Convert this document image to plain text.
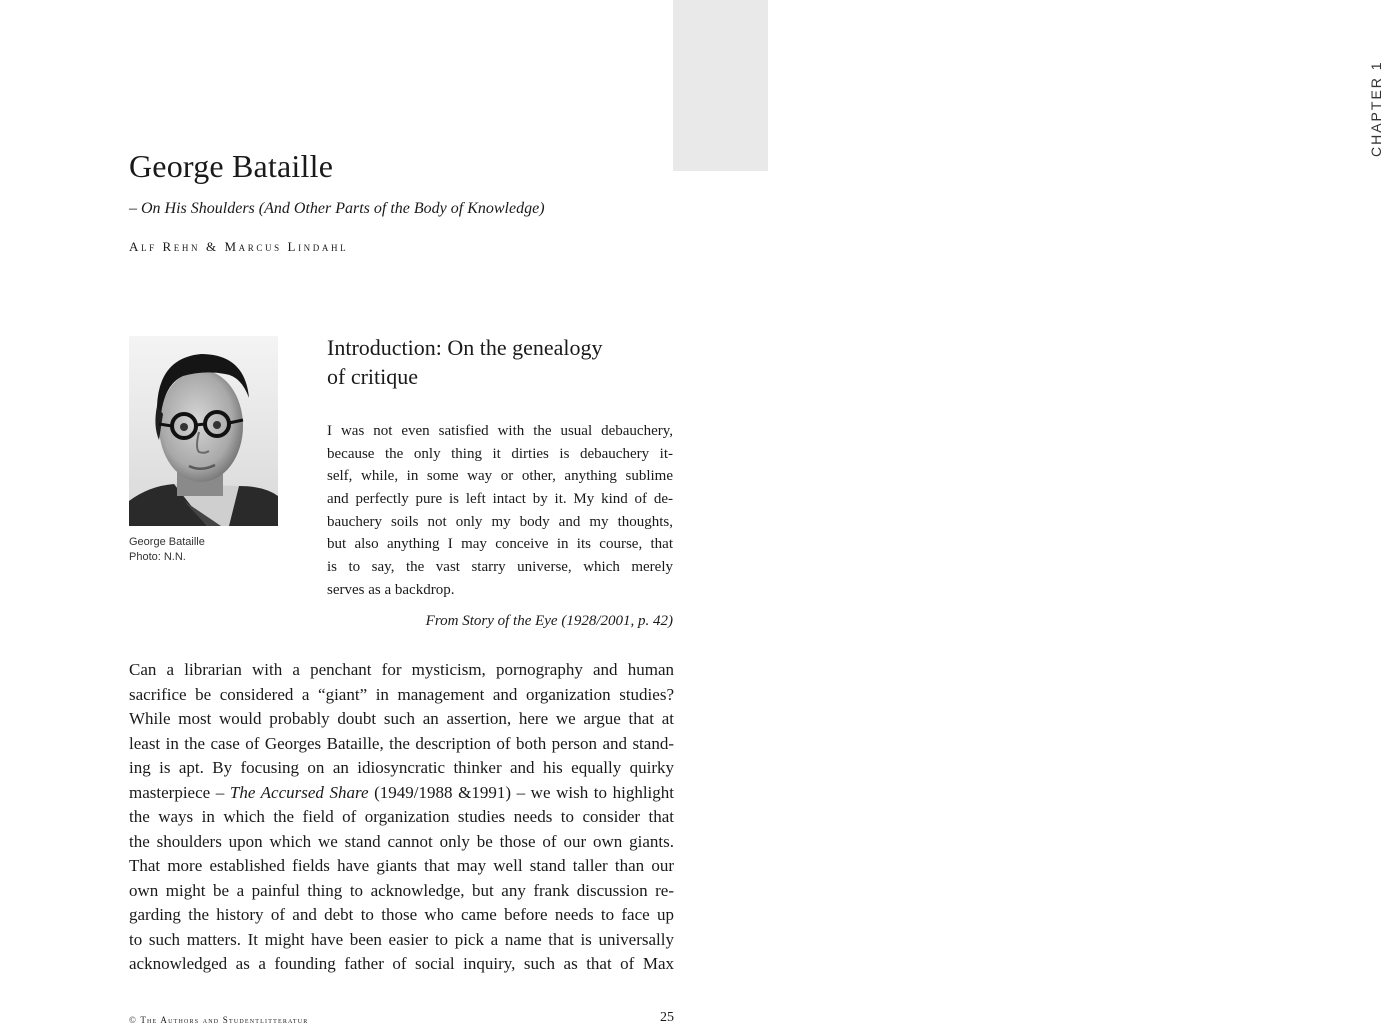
CHAPTER 1
George Bataille

– On His Shoulders (And Other Parts of the Body of Knowledge)

Alf Rehn & Marcus Lindahl

George Bataille
Photo: N.N.
Introduction: On the genealogy
of critique
I was not even satisfied with the usual debauchery,
because the only thing it dirties is debauchery it-
self, while, in some way or other, anything sublime
and perfectly pure is left intact by it. My kind of de-
bauchery soils not only my body and my thoughts,
but also anything I may conceive in its course, that
is to say, the vast starry universe, which merely
serves as a backdrop.

From Story of the Eye (1928/2001, p. 42)

Can a librarian with a penchant for mysticism, pornography and human
sacrifice be considered a “giant” in management and organization studies?
While most would probably doubt such an assertion, here we argue that at
least in the case of Georges Bataille, the description of both person and stand-
ing is apt. By focusing on an idiosyncratic thinker and his equally quirky
masterpiece – The Accursed Share (1949/1988 &1991) – we wish to highlight
the ways in which the field of organization studies needs to consider that
the shoulders upon which we stand cannot only be those of our own giants.
That more established fields have giants that may well stand taller than our
own might be a painful thing to acknowledge, but any frank discussion re-
garding the history of and debt to those who came before needs to face up
to such matters. It might have been easier to pick a name that is universally
acknowledged as a founding father of social inquiry, such as that of Max

© The Authors and Studentlitteratur	25
